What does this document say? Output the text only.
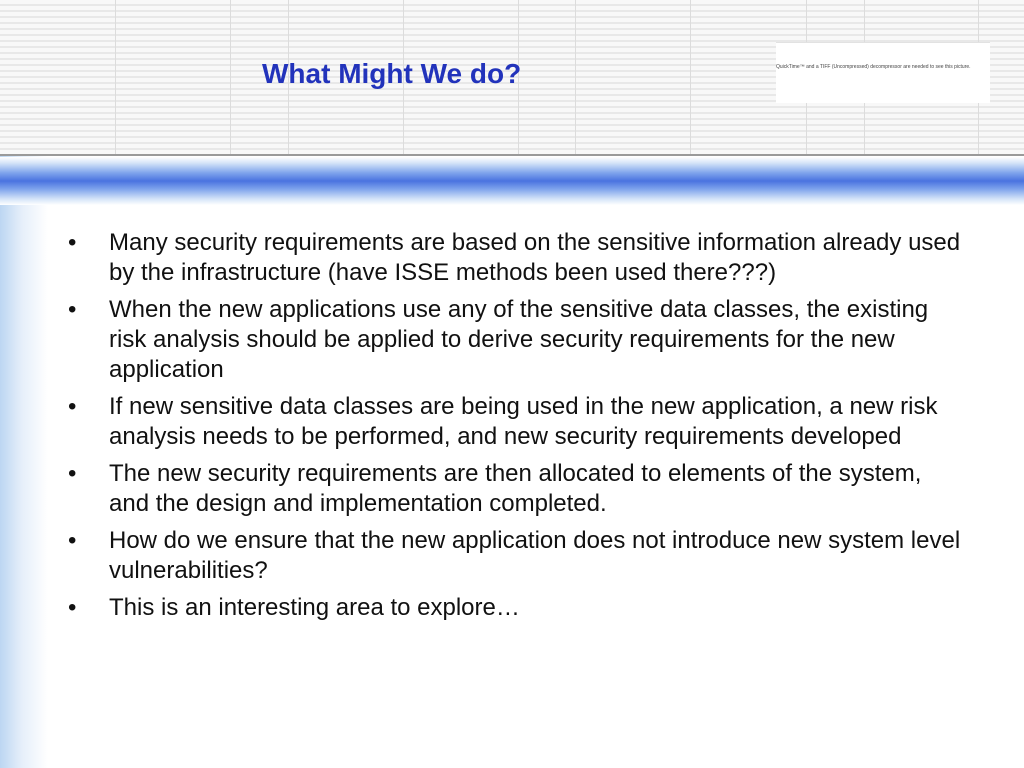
What Might We do?	QuickTime™ and a TIFF (Uncompressed) decompressor are needed to see this picture.
•	Many security requirements are based on the sensitive information already used by the infrastructure (have ISSE methods been used there???)
•	When the new applications use any of the sensitive data classes, the existing risk analysis should be applied to derive security requirements for the new application
•	If new sensitive data classes are being used in the new application, a new risk analysis needs to be performed, and new security requirements developed
•	The new security requirements are then allocated to elements of the system, and the design and implementation completed.
•	How do we ensure that the new application does not introduce new system level vulnerabilities?
•	This is an interesting area to explore…
